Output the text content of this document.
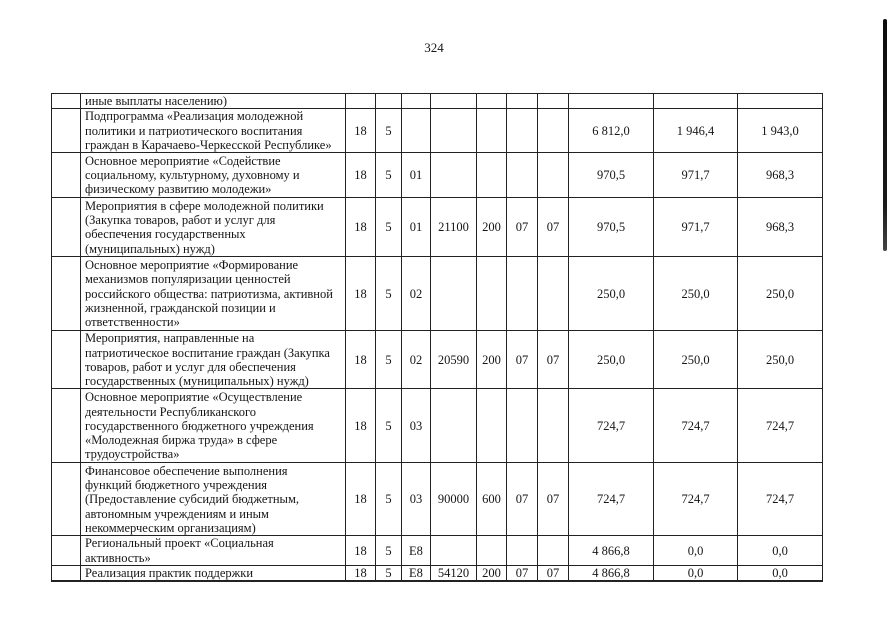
324
	иные выплаты населению)										
	Подпрограмма «Реализация молодежной
политики и патриотического воспитания
граждан в Карачаево-Черкесской Республике»	18	5						6 812,0	1 946,4	1 943,0
	Основное мероприятие «Содействие
социальному, культурному, духовному и
физическому развитию молодежи»	18	5	01					970,5	971,7	968,3
	Мероприятия в сфере молодежной политики
(Закупка товаров, работ и услуг для
обеспечения государственных
(муниципальных) нужд)	18	5	01	21100	200	07	07	970,5	971,7	968,3
	Основное мероприятие «Формирование
механизмов популяризации ценностей
российского общества: патриотизма, активной
жизненной, гражданской позиции и
ответственности»	18	5	02					250,0	250,0	250,0
	Мероприятия, направленные на
патриотическое воспитание граждан (Закупка
товаров, работ и услуг для обеспечения
государственных (муниципальных) нужд)	18	5	02	20590	200	07	07	250,0	250,0	250,0
	Основное мероприятие «Осуществление
деятельности Республиканского
государственного бюджетного учреждения
«Молодежная биржа труда» в сфере
трудоустройства»	18	5	03					724,7	724,7	724,7
	Финансовое обеспечение выполнения
функций бюджетного учреждения
(Предоставление субсидий бюджетным,
автономным учреждениям и иным
некоммерческим организациям)	18	5	03	90000	600	07	07	724,7	724,7	724,7
	Региональный проект «Социальная
активность»	18	5	E8					4 866,8	0,0	0,0
	Реализация практик поддержки	18	5	E8	54120	200	07	07	4 866,8	0,0	0,0
